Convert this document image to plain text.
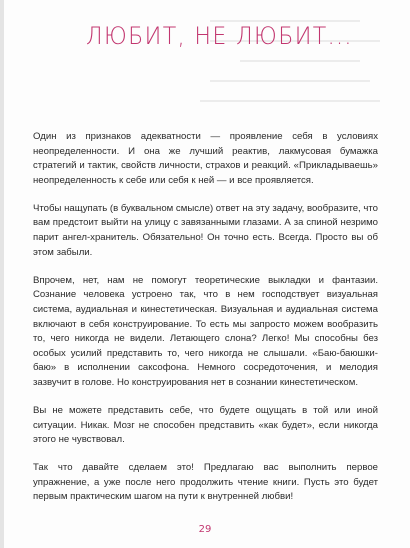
ЛЮБИТ, НЕ ЛЮБИТ...

Один из признаков адекватности — проявление себя в условиях неопределенности. И она же лучший реактив, лакмусовая бумажка стратегий и тактик, свойств личности, страхов и реакций. «Прикладываешь» неопределенность к себе или себя к ней — и все проявляется.

Чтобы нащупать (в буквальном смысле) ответ на эту задачу, вообразите, что вам предстоит выйти на улицу с завязанными глазами. А за спиной незримо парит ангел-хранитель. Обязательно! Он точно есть. Всегда. Просто вы об этом забыли.

Впрочем, нет, нам не помогут теоретические выкладки и фантазии. Сознание человека устроено так, что в нем господствует визуальная система, аудиальная и кинестетическая. Визуальная и аудиальная система включают в себя конструирование. То есть мы запросто можем вообразить то, чего никогда не видели. Летающего слона? Легко! Мы способны без особых усилий представить то, чего никогда не слышали. «Баю-баюшки-баю» в исполнении саксофона. Немного сосредоточения, и мелодия зазвучит в голове. Но конструирования нет в сознании кинестетическом.

Вы не можете представить себе, что будете ощущать в той или иной ситуации. Никак. Мозг не способен представить «как будет», если никогда этого не чувствовал.

Так что давайте сделаем это! Предлагаю вас выполнить первое упражнение, а уже после него продолжить чтение книги. Пусть это будет первым практическим шагом на пути к внутренней любви!

29
